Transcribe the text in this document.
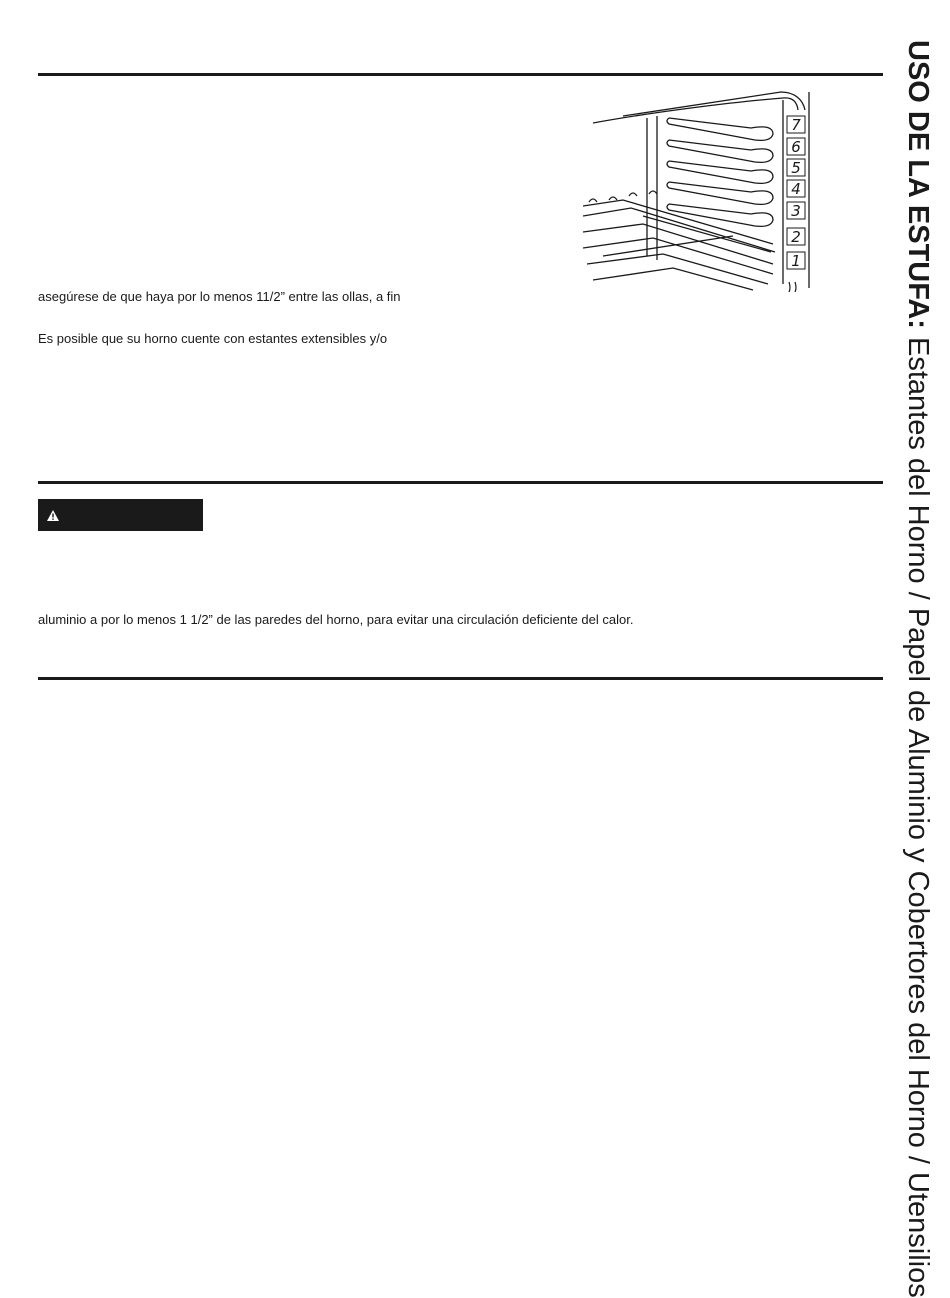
USO DE LA ESTUFA: Estantes del Horno / Papel de Aluminio y Cobertores del Horno / Utensilios
7
6
5
4
3
2
1
asegúrese de que haya por lo menos 11/2” entre las ollas, a fin
Es posible que su horno cuente con estantes extensibles y/o
aluminio a por lo menos 1 1/2” de las paredes del horno, para evitar una circulación deficiente del calor.
